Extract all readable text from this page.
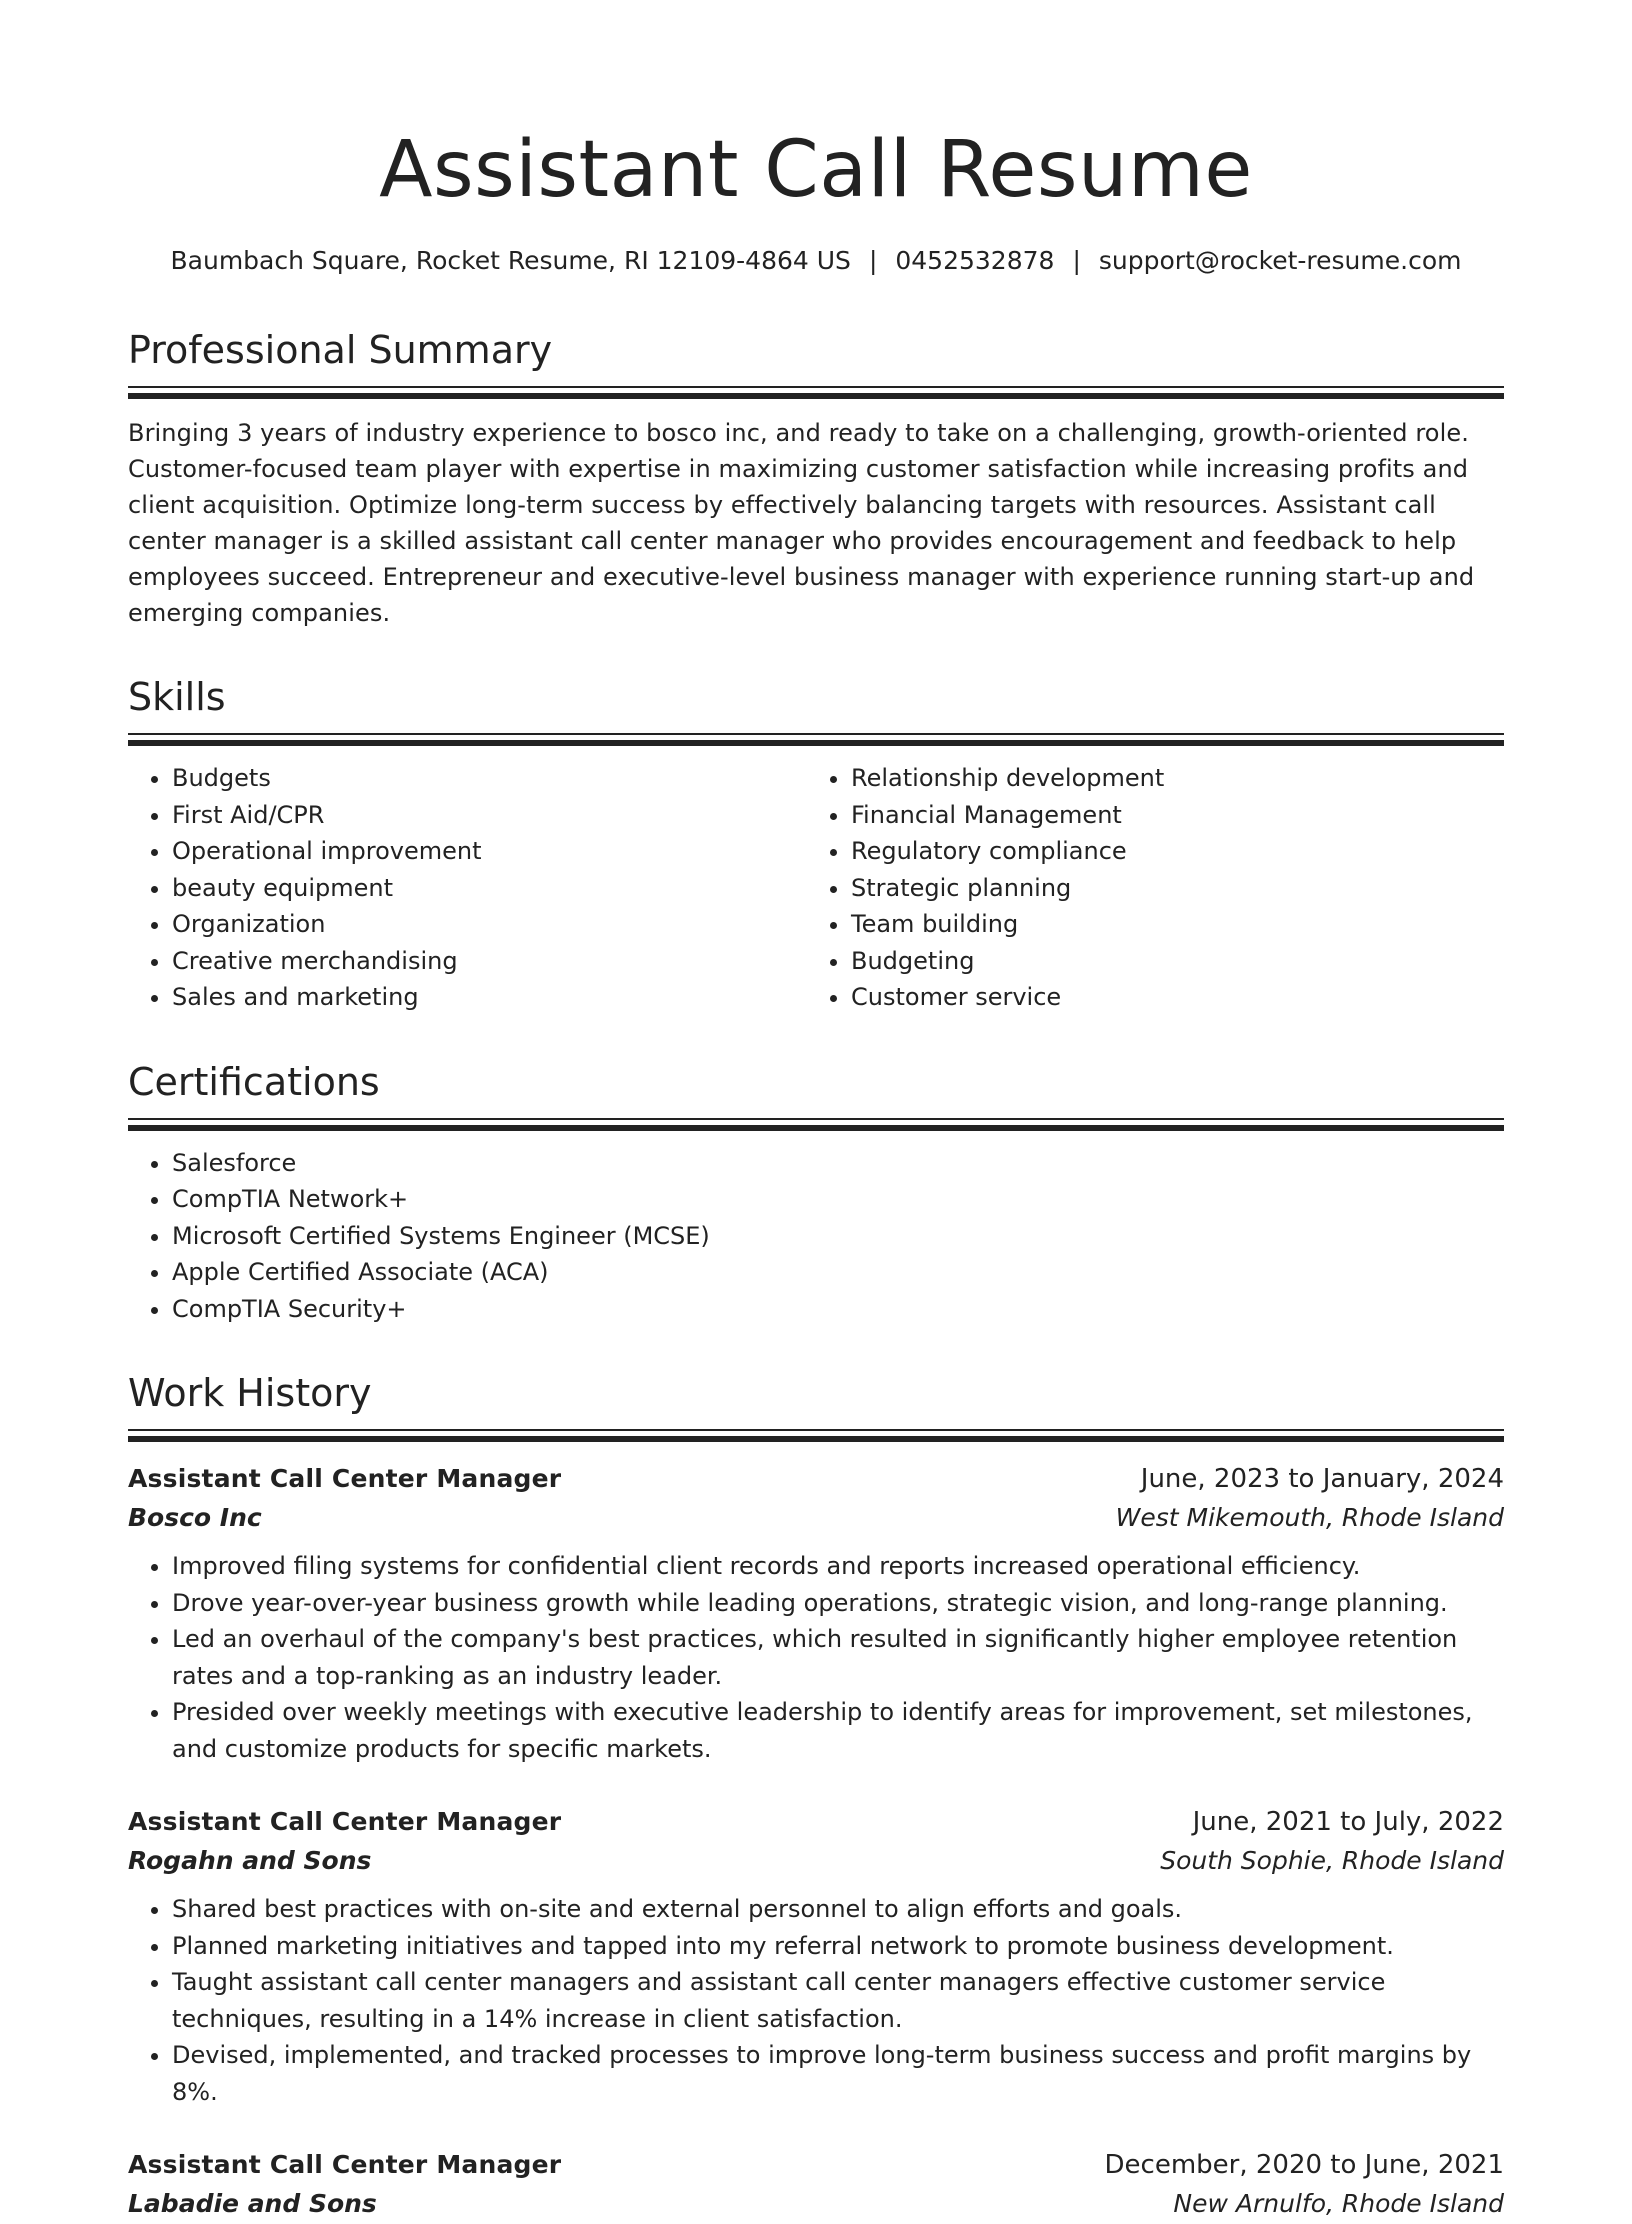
Assistant Call Resume
Baumbach Square, Rocket Resume, RI 12109-4864 US | 0452532878 | support@rocket-resume.com
Professional Summary

Bringing 3 years of industry experience to bosco inc, and ready to take on a challenging, growth-oriented role. Customer-focused team player with expertise in maximizing customer satisfaction while increasing profits and client acquisition. Optimize long-term success by effectively balancing targets with resources. Assistant call center manager is a skilled assistant call center manager who provides encouragement and feedback to help employees succeed. Entrepreneur and executive-level business manager with experience running start-up and emerging companies.

Skills
• Budgets
• First Aid/CPR
• Operational improvement
• beauty equipment
• Organization
• Creative merchandising
• Sales and marketing
• Relationship development
• Financial Management
• Regulatory compliance
• Strategic planning
• Team building
• Budgeting
• Customer service
Certifications
• Salesforce
• CompTIA Network+
• Microsoft Certified Systems Engineer (MCSE)
• Apple Certified Associate (ACA)
• CompTIA Security+
Work History
Assistant Call Center Manager	June, 2023 to January, 2024
Bosco Inc	West Mikemouth, Rhode Island
• Improved filing systems for confidential client records and reports increased operational efficiency.
• Drove year-over-year business growth while leading operations, strategic vision, and long-range planning.
• Led an overhaul of the company's best practices, which resulted in significantly higher employee retention rates and a top-ranking as an industry leader.
• Presided over weekly meetings with executive leadership to identify areas for improvement, set milestones, and customize products for specific markets.
Assistant Call Center Manager	June, 2021 to July, 2022
Rogahn and Sons	South Sophie, Rhode Island
• Shared best practices with on-site and external personnel to align efforts and goals.
• Planned marketing initiatives and tapped into my referral network to promote business development.
• Taught assistant call center managers and assistant call center managers effective customer service techniques, resulting in a 14% increase in client satisfaction.
• Devised, implemented, and tracked processes to improve long-term business success and profit margins by 8%.
Assistant Call Center Manager	December, 2020 to June, 2021
Labadie and Sons	New Arnulfo, Rhode Island
